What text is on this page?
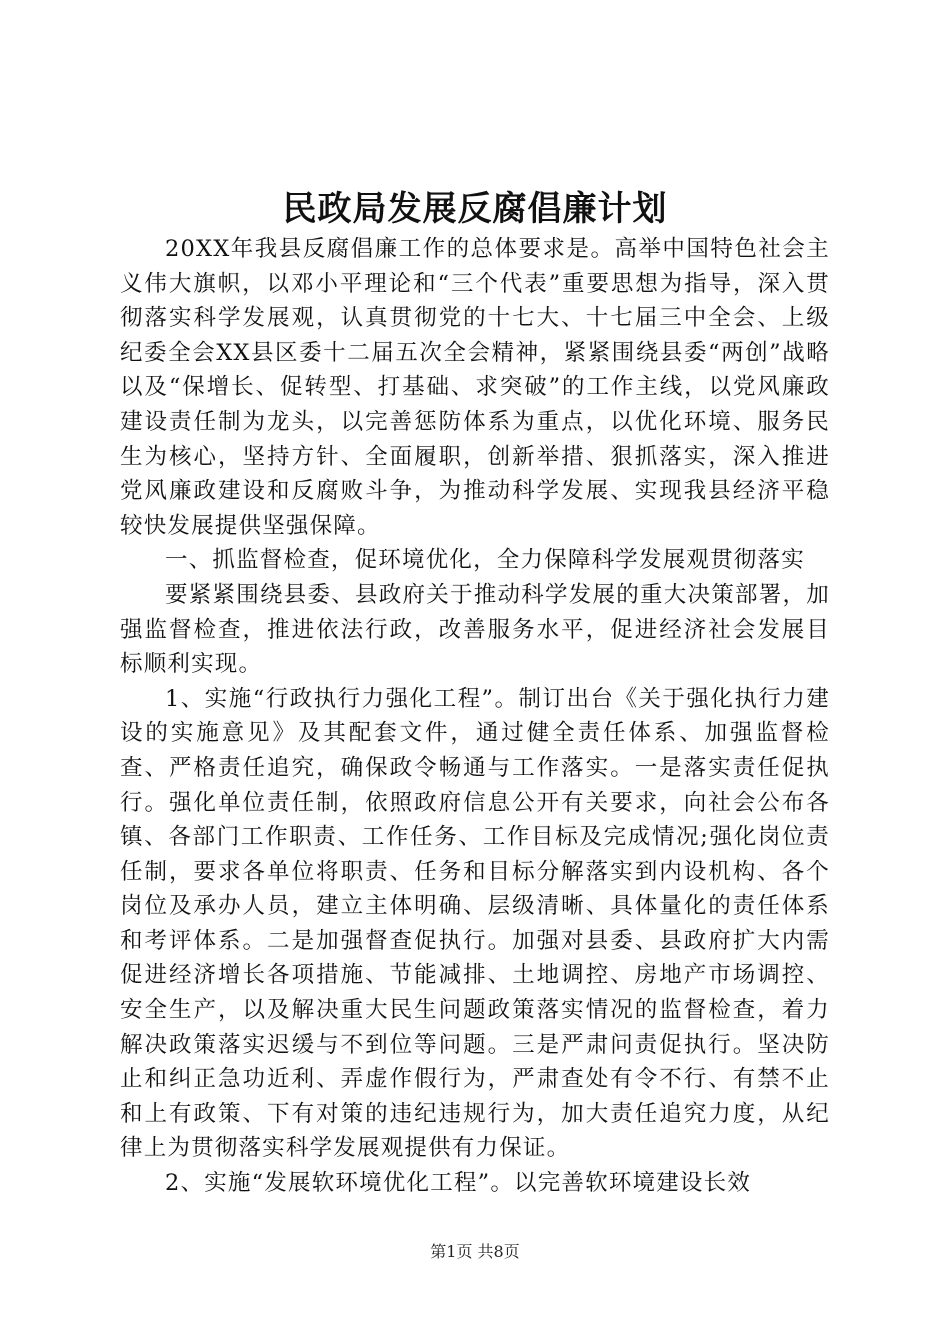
民政局发展反腐倡廉计划

20XX年我县反腐倡廉工作的总体要求是。高举中国特色社会主义伟大旗帜，以邓小平理论和“三个代表”重要思想为指导，深入贯彻落实科学发展观，认真贯彻党的十七大、十七届三中全会、上级纪委全会XX县区委十二届五次全会精神，紧紧围绕县委“两创”战略以及“保增长、促转型、打基础、求突破”的工作主线，以党风廉政建设责任制为龙头，以完善惩防体系为重点，以优化环境、服务民生为核心，坚持方针、全面履职，创新举措、狠抓落实，深入推进党风廉政建设和反腐败斗争，为推动科学发展、实现我县经济平稳较快发展提供坚强保障。

一、抓监督检查，促环境优化，全力保障科学发展观贯彻落实

要紧紧围绕县委、县政府关于推动科学发展的重大决策部署，加强监督检查，推进依法行政，改善服务水平，促进经济社会发展目标顺利实现。

1、实施“行政执行力强化工程”。制订出台《关于强化执行力建设的实施意见》及其配套文件，通过健全责任体系、加强监督检查、严格责任追究，确保政令畅通与工作落实。一是落实责任促执行。强化单位责任制，依照政府信息公开有关要求，向社会公布各镇、各部门工作职责、工作任务、工作目标及完成情况;强化岗位责任制，要求各单位将职责、任务和目标分解落实到内设机构、各个岗位及承办人员，建立主体明确、层级清晰、具体量化的责任体系和考评体系。二是加强督查促执行。加强对县委、县政府扩大内需促进经济增长各项措施、节能减排、土地调控、房地产市场调控、安全生产，以及解决重大民生问题政策落实情况的监督检查，着力解决政策落实迟缓与不到位等问题。三是严肃问责促执行。坚决防止和纠正急功近利、弄虚作假行为，严肃查处有令不行、有禁不止和上有政策、下有对策的违纪违规行为，加大责任追究力度，从纪律上为贯彻落实科学发展观提供有力保证。

2、实施“发展软环境优化工程”。以完善软环境建设长效

第1页 共8页
